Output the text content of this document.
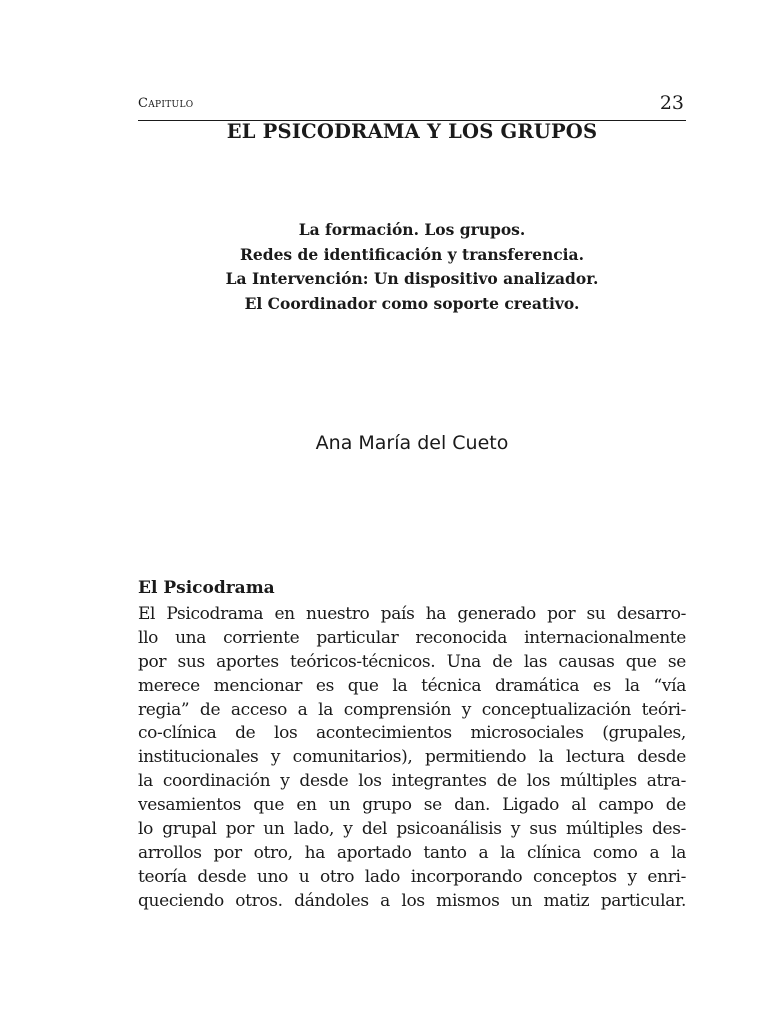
Capitulo	23
EL PSICODRAMA Y LOS GRUPOS
La formación. Los grupos.
Redes de identificación y transferencia.
La Intervención: Un dispositivo analizador.
El Coordinador como soporte creativo.
Ana María del Cueto
El Psicodrama
El Psicodrama en nuestro país ha generado por su desarro-
llo una corriente particular reconocida internacionalmente
por sus aportes teóricos-técnicos. Una de las causas que se
merece mencionar es que la técnica dramática es la “vía
regia” de acceso a la comprensión y conceptualización teóri-
co-clínica de los acontecimientos microsociales (grupales,
institucionales y comunitarios), permitiendo la lectura desde
la coordinación y desde los integrantes de los múltiples atra-
vesamientos que en un grupo se dan. Ligado al campo de
lo grupal por un lado, y del psicoanálisis y sus múltiples des-
arrollos por otro, ha aportado tanto a la clínica como a la
teoría desde uno u otro lado incorporando conceptos y enri-
queciendo otros. dándoles a los mismos un matiz particular.
